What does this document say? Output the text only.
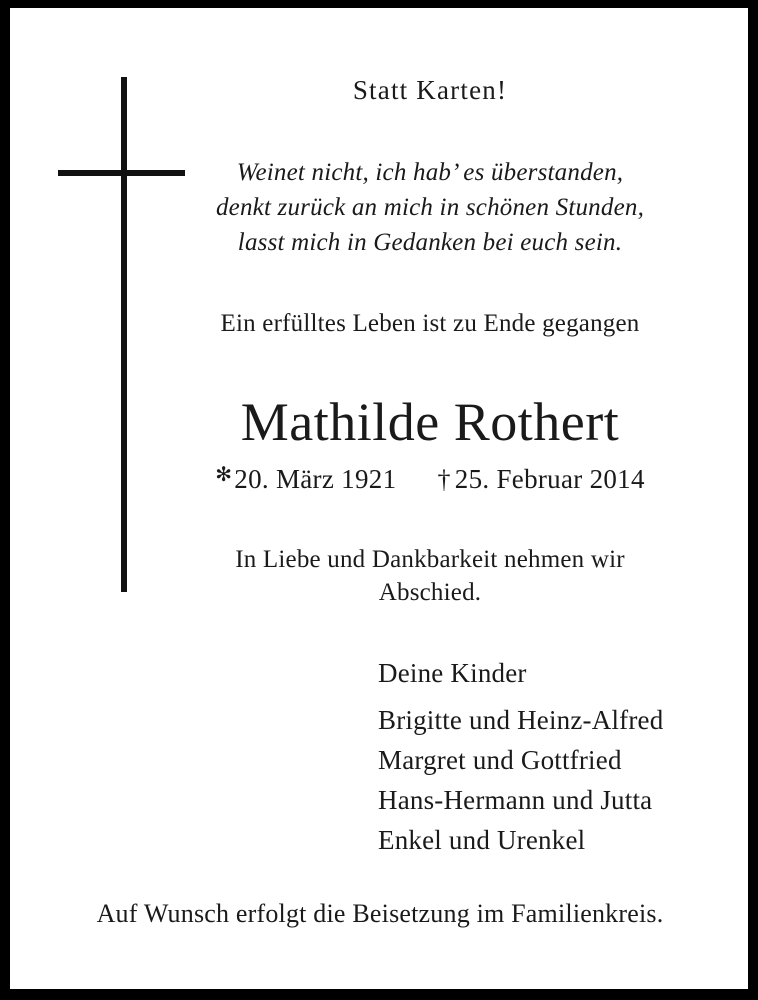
Statt Karten!
Weinet nicht, ich hab’ es überstanden,
denkt zurück an mich in schönen Stunden,
lasst mich in Gedanken bei euch sein.
Ein erfülltes Leben ist zu Ende gegangen
Mathilde Rothert
✻20. März 1921 † 25. Februar 2014
In Liebe und Dankbarkeit nehmen wir
Abschied.
Deine Kinder
Brigitte und Heinz-Alfred
Margret und Gottfried
Hans-Hermann und Jutta
Enkel und Urenkel
Auf Wunsch erfolgt die Beisetzung im Familienkreis.
